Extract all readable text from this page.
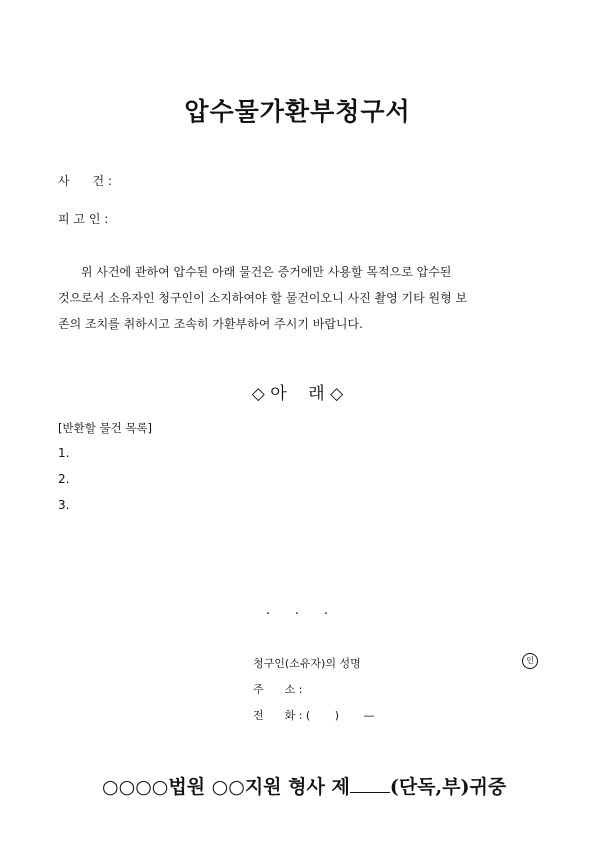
압수물가환부청구서
사      건 :
피 고 인 :
위 사건에 관하여 압수된 아래 물건은 증거에만 사용할 목적으로 압수된
것으로서 소유자인 청구인이 소지하여야 할 물건이오니 사진 촬영 기타 원형 보
존의 조치를 취하시고 조속히 가환부하여 주시기 바랍니다.
◇ 아    래 ◇
[반환할 물건 목록]
1.
2.
3.
.      .      .
청구인(소유자)의 성명	인
주      소 :
전      화 : (       )       —

○○○○법원 ○○지원 형사 제 (단독,부)귀중
